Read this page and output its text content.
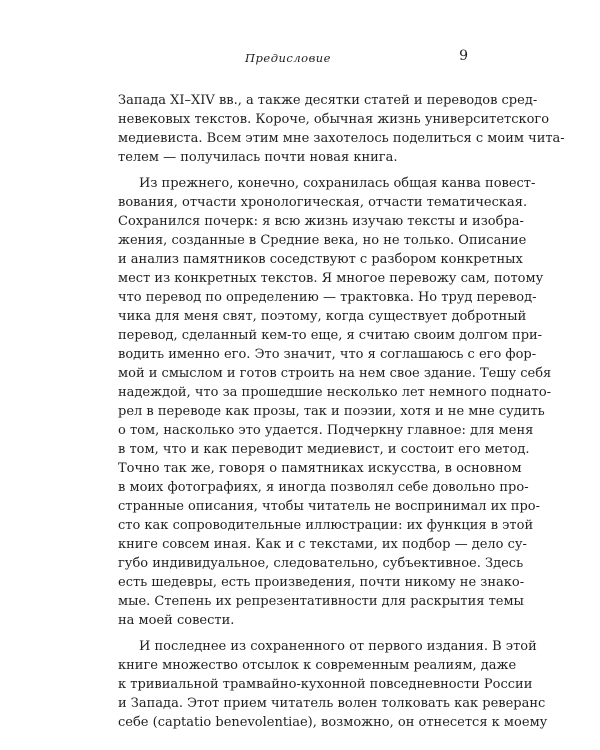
Предисловие	9
Запада XI–XIV вв., а также десятки статей и переводов сред-
невековых текстов. Короче, обычная жизнь университетского
медиевиста. Всем этим мне захотелось поделиться с моим чита-
телем — получилась почти новая книга.
Из прежнего, конечно, сохранилась общая канва повест-
вования, отчасти хронологическая, отчасти тематическая.
Сохранился почерк: я всю жизнь изучаю тексты и изобра-
жения, созданные в Средние века, но не только. Описание
и анализ памятников соседствуют с разбором конкретных
мест из конкретных текстов. Я многое перевожу сам, потому
что перевод по определению — трактовка. Но труд перевод-
чика для меня свят, поэтому, когда существует добротный
перевод, сделанный кем-то еще, я считаю своим долгом при-
водить именно его. Это значит, что я соглашаюсь с его фор-
мой и смыслом и готов строить на нем свое здание. Тешу себя
надеждой, что за прошедшие несколько лет немного поднато-
рел в переводе как прозы, так и поэзии, хотя и не мне судить
о том, насколько это удается. Подчеркну главное: для меня
в том, что и как переводит медиевист, и состоит его метод.
Точно так же, говоря о памятниках искусства, в основном
в моих фотографиях, я иногда позволял себе довольно про-
странные описания, чтобы читатель не воспринимал их про-
сто как сопроводительные иллюстрации: их функция в этой
книге совсем иная. Как и с текстами, их подбор — дело су-
губо индивидуальное, следовательно, субъективное. Здесь
есть шедевры, есть произведения, почти никому не знако-
мые. Степень их репрезентативности для раскрытия темы
на моей совести.
И последнее из сохраненного от первого издания. В этой
книге множество отсылок к современным реалиям, даже
к тривиальной трамвайно-кухонной повседневности России
и Запада. Этот прием читатель волен толковать как реверанс
себе (captatio benevolentiae), возможно, он отнесется к моему
